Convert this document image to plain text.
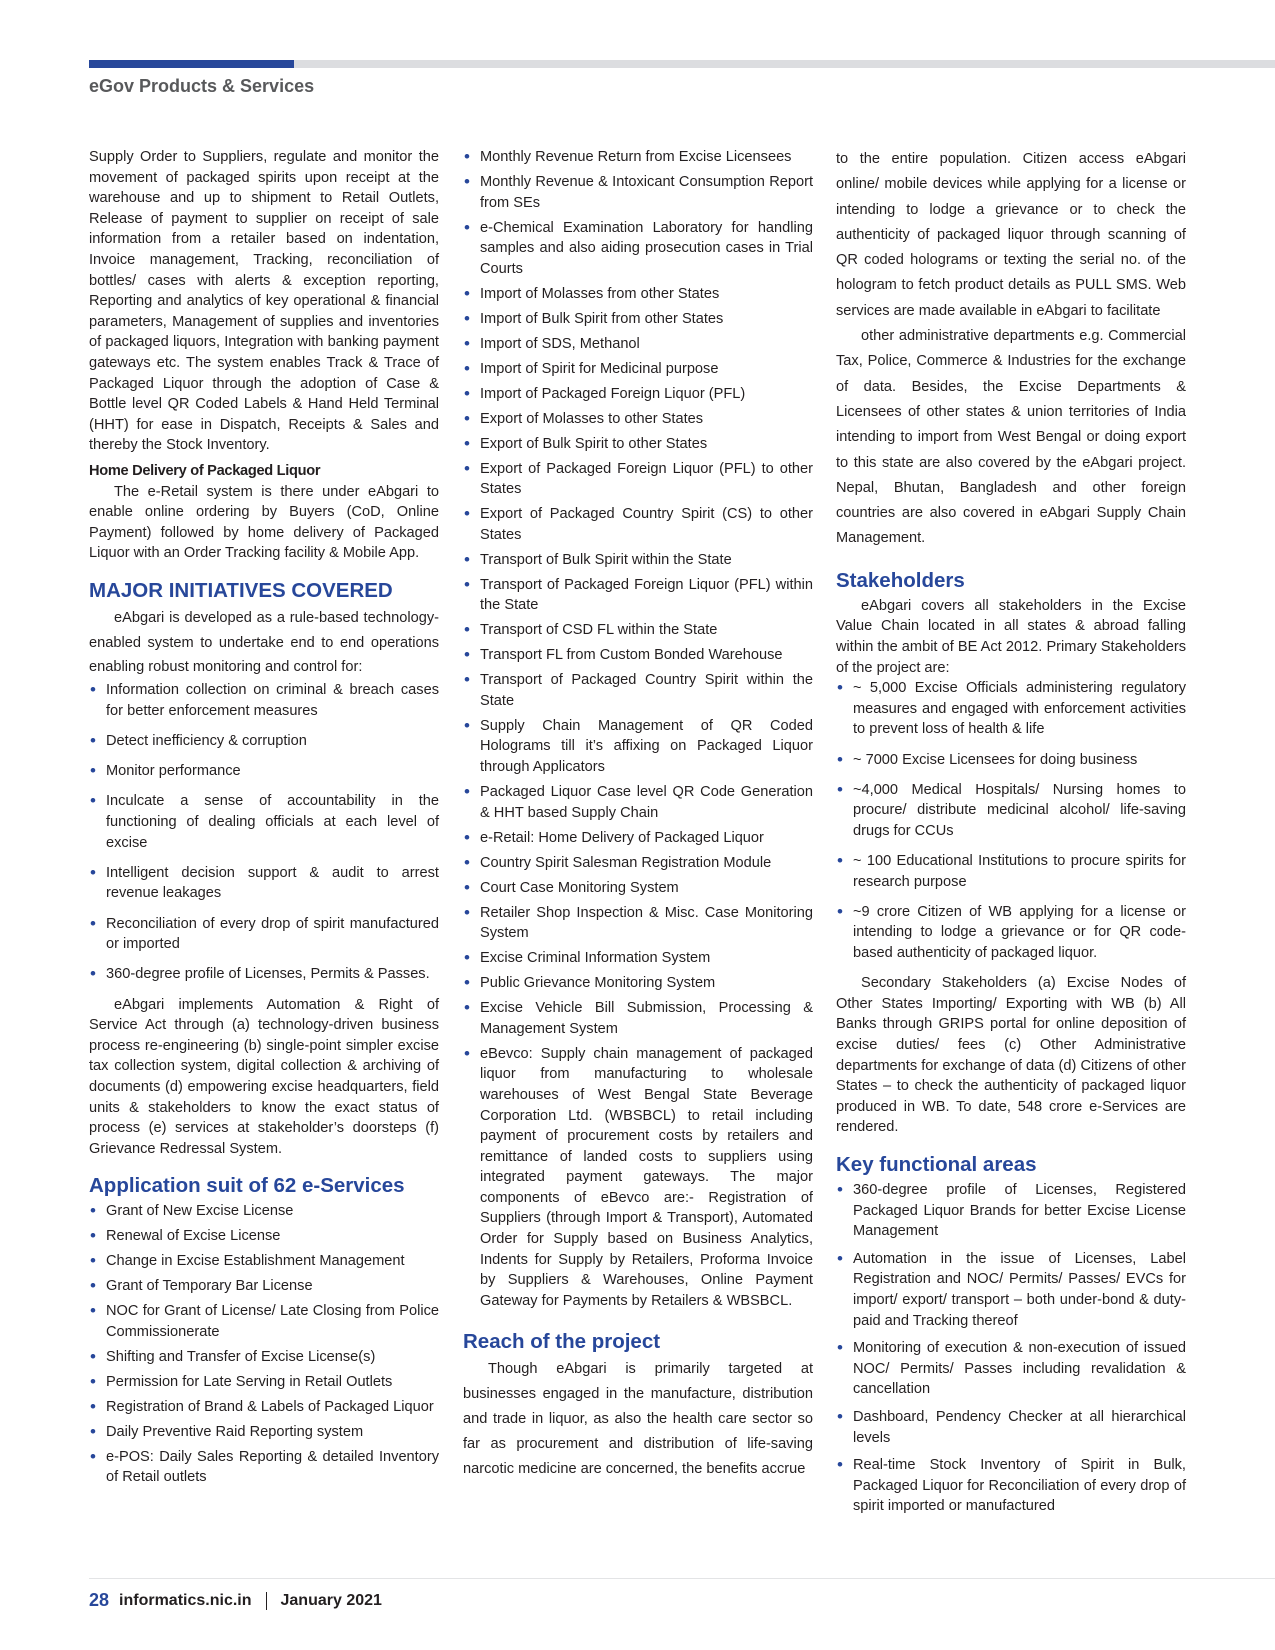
eGov Products & Services

Supply Order to Suppliers, regulate and monitor the movement of packaged spirits upon receipt at the warehouse and up to shipment to Retail Outlets, Release of payment to supplier on receipt of sale information from a retailer based on indentation, Invoice management, Tracking, reconciliation of bottles/ cases with alerts & exception reporting, Reporting and analytics of key operational & financial parameters, Management of supplies and inventories of packaged liquors, Integration with banking payment gateways etc. The system enables Track & Trace of Packaged Liquor through the adoption of Case & Bottle level QR Coded Labels & Hand Held Terminal (HHT) for ease in Dispatch, Receipts & Sales and thereby the Stock Inventory.

Home Delivery of Packaged Liquor

The e-Retail system is there under eAbgari to enable online ordering by Buyers (CoD, Online Payment) followed by home delivery of Packaged Liquor with an Order Tracking facility & Mobile App.

MAJOR INITIATIVES COVERED

eAbgari is developed as a rule-based technology-enabled system to undertake end to end operations enabling robust monitoring and control for:

• Information collection on criminal & breach cases for better enforcement measures
• Detect inefficiency & corruption
• Monitor performance
• Inculcate a sense of accountability in the functioning of dealing officials at each level of excise
• Intelligent decision support & audit to arrest revenue leakages
• Reconciliation of every drop of spirit manufactured or imported
• 360-degree profile of Licenses, Permits & Passes.

eAbgari implements Automation & Right of Service Act through (a) technology-driven business process re-engineering (b) single-point simpler excise tax collection system, digital collection & archiving of documents (d) empowering excise headquarters, field units & stakeholders to know the exact status of process (e) services at stakeholder’s doorsteps (f) Grievance Redressal System.

Application suit of 62 e-Services
• Grant of New Excise License
• Renewal of Excise License
• Change in Excise Establishment Management
• Grant of Temporary Bar License
• NOC for Grant of License/ Late Closing from Police Commissionerate
• Shifting and Transfer of Excise License(s)
• Permission for Late Serving in Retail Outlets
• Registration of Brand & Labels of Packaged Liquor
• Daily Preventive Raid Reporting system
• e-POS: Daily Sales Reporting & detailed Inventory of Retail outlets
• Monthly Revenue Return from Excise Licensees
• Monthly Revenue & Intoxicant Consumption Report from SEs
• e-Chemical Examination Laboratory for handling samples and also aiding prosecution cases in Trial Courts
• Import of Molasses from other States
• Import of Bulk Spirit from other States
• Import of SDS, Methanol
• Import of Spirit for Medicinal purpose
• Import of Packaged Foreign Liquor (PFL)
• Export of Molasses to other States
• Export of Bulk Spirit to other States
• Export of Packaged Foreign Liquor (PFL) to other States
• Export of Packaged Country Spirit (CS) to other States
• Transport of Bulk Spirit within the State
• Transport of Packaged Foreign Liquor (PFL) within the State
• Transport of CSD FL within the State
• Transport FL from Custom Bonded Warehouse
• Transport of Packaged Country Spirit within the State
• Supply Chain Management of QR Coded Holograms till it’s affixing on Packaged Liquor through Applicators
• Packaged Liquor Case level QR Code Generation & HHT based Supply Chain
• e-Retail: Home Delivery of Packaged Liquor
• Country Spirit Salesman Registration Module
• Court Case Monitoring System
• Retailer Shop Inspection & Misc. Case Monitoring System
• Excise Criminal Information System
• Public Grievance Monitoring System
• Excise Vehicle Bill Submission, Processing & Management System
• eBevco: Supply chain management of packaged liquor from manufacturing to wholesale warehouses of West Bengal State Beverage Corporation Ltd. (WBSBCL) to retail including payment of procurement costs by retailers and remittance of landed costs to suppliers using integrated payment gateways. The major components of eBevco are:- Registration of Suppliers (through Import & Transport), Automated Order for Supply based on Business Analytics, Indents for Supply by Retailers, Proforma Invoice by Suppliers & Warehouses, Online Payment Gateway for Payments by Retailers & WBSBCL.
Reach of the project

Though eAbgari is primarily targeted at businesses engaged in the manufacture, distribution and trade in liquor, as also the health care sector so far as procurement and distribution of life-saving narcotic medicine are concerned, the benefits accrue

to the entire population. Citizen access eAbgari online/ mobile devices while applying for a license or intending to lodge a grievance or to check the authenticity of packaged liquor through scanning of QR coded holograms or texting the serial no. of the hologram to fetch product details as PULL SMS. Web services are made available in eAbgari to facilitate

other administrative departments e.g. Commercial Tax, Police, Commerce & Industries for the exchange of data. Besides, the Excise Departments & Licensees of other states & union territories of India intending to import from West Bengal or doing export to this state are also covered by the eAbgari project. Nepal, Bhutan, Bangladesh and other foreign countries are also covered in eAbgari Supply Chain Management.

Stakeholders

eAbgari covers all stakeholders in the Excise Value Chain located in all states & abroad falling within the ambit of BE Act 2012. Primary Stakeholders of the project are:

• ~ 5,000 Excise Officials administering regulatory measures and engaged with enforcement activities to prevent loss of health & life
• ~ 7000 Excise Licensees for doing business
• ~4,000 Medical Hospitals/ Nursing homes to procure/ distribute medicinal alcohol/ life-saving drugs for CCUs
• ~ 100 Educational Institutions to procure spirits for research purpose
• ~9 crore Citizen of WB applying for a license or intending to lodge a grievance or for QR code-based authenticity of packaged liquor.

Secondary Stakeholders (a) Excise Nodes of Other States Importing/ Exporting with WB (b) All Banks through GRIPS portal for online deposition of excise duties/ fees (c) Other Administrative departments for exchange of data (d) Citizens of other States – to check the authenticity of packaged liquor produced in WB. To date, 548 crore e-Services are rendered.

Key functional areas
• 360-degree profile of Licenses, Registered Packaged Liquor Brands for better Excise License Management
• Automation in the issue of Licenses, Label Registration and NOC/ Permits/ Passes/ EVCs for import/ export/ transport – both under-bond & duty-paid and Tracking thereof
• Monitoring of execution & non-execution of issued NOC/ Permits/ Passes including revalidation & cancellation
• Dashboard, Pendency Checker at all hierarchical levels
• Real-time Stock Inventory of Spirit in Bulk, Packaged Liquor for Reconciliation of every drop of spirit imported or manufactured
28 informatics.nic.in January 2021
